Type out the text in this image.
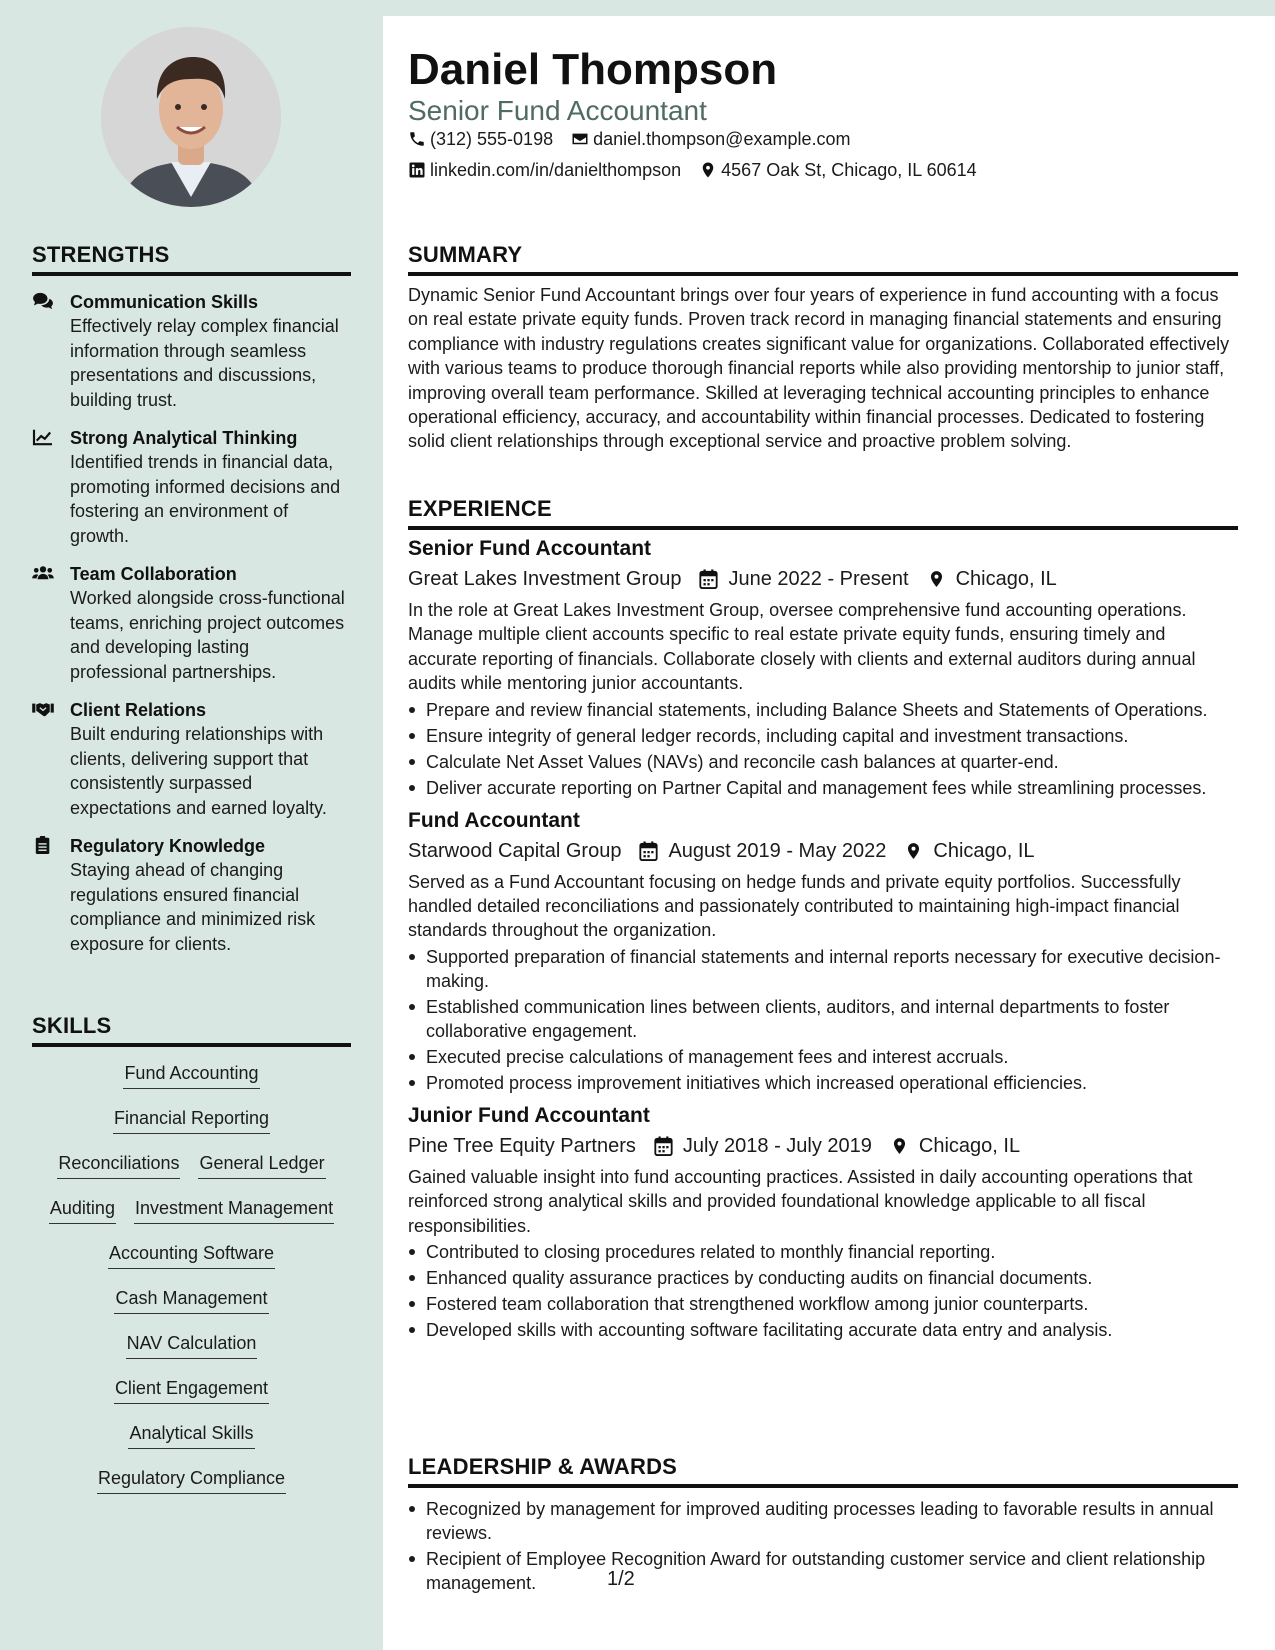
Daniel Thompson
Senior Fund Accountant
(312) 555-0198 daniel.thompson@example.com
linkedin.com/in/danielthompson 4567 Oak St, Chicago, IL 60614
SUMMARY

Dynamic Senior Fund Accountant brings over four years of experience in fund accounting with a focus on real estate private equity funds. Proven track record in managing financial statements and ensuring compliance with industry regulations creates significant value for organizations. Collaborated effectively with various teams to produce thorough financial reports while also providing mentorship to junior staff, improving overall team performance. Skilled at leveraging technical accounting principles to enhance operational efficiency, accuracy, and accountability within financial processes. Dedicated to fostering solid client relationships through exceptional service and proactive problem solving.

EXPERIENCE
Senior Fund Accountant
Great Lakes Investment Group June 2022 - Present Chicago, IL

In the role at Great Lakes Investment Group, oversee comprehensive fund accounting operations. Manage multiple client accounts specific to real estate private equity funds, ensuring timely and accurate reporting of financials. Collaborate closely with clients and external auditors during annual audits while mentoring junior accountants.

Prepare and review financial statements, including Balance Sheets and Statements of Operations.
Ensure integrity of general ledger records, including capital and investment transactions.
Calculate Net Asset Values (NAVs) and reconcile cash balances at quarter-end.
Deliver accurate reporting on Partner Capital and management fees while streamlining processes.
Fund Accountant
Starwood Capital Group August 2019 - May 2022 Chicago, IL

Served as a Fund Accountant focusing on hedge funds and private equity portfolios. Successfully handled detailed reconciliations and passionately contributed to maintaining high-impact financial standards throughout the organization.

Supported preparation of financial statements and internal reports necessary for executive decision-making.
Established communication lines between clients, auditors, and internal departments to foster collaborative engagement.
Executed precise calculations of management fees and interest accruals.
Promoted process improvement initiatives which increased operational efficiencies.
Junior Fund Accountant
Pine Tree Equity Partners July 2018 - July 2019 Chicago, IL

Gained valuable insight into fund accounting practices. Assisted in daily accounting operations that reinforced strong analytical skills and provided foundational knowledge applicable to all fiscal responsibilities.

Contributed to closing procedures related to monthly financial reporting.
Enhanced quality assurance practices by conducting audits on financial documents.
Fostered team collaboration that strengthened workflow among junior counterparts.
Developed skills with accounting software facilitating accurate data entry and analysis.
LEADERSHIP & AWARDS
Recognized by management for improved auditing processes leading to favorable results in annual reviews.
Recipient of Employee Recognition Award for outstanding customer service and client relationship management.
STRENGTHS
Communication Skills
Effectively relay complex financial information through seamless presentations and discussions, building trust.
Strong Analytical Thinking
Identified trends in financial data, promoting informed decisions and fostering an environment of growth.
Team Collaboration
Worked alongside cross-functional teams, enriching project outcomes and developing lasting professional partnerships.
Client Relations
Built enduring relationships with clients, delivering support that consistently surpassed expectations and earned loyalty.
Regulatory Knowledge
Staying ahead of changing regulations ensured financial compliance and minimized risk exposure for clients.
SKILLS
Fund Accounting
Financial Reporting
Reconciliations General Ledger
Auditing Investment Management
Accounting Software
Cash Management
NAV Calculation
Client Engagement
Analytical Skills
Regulatory Compliance
1/2
